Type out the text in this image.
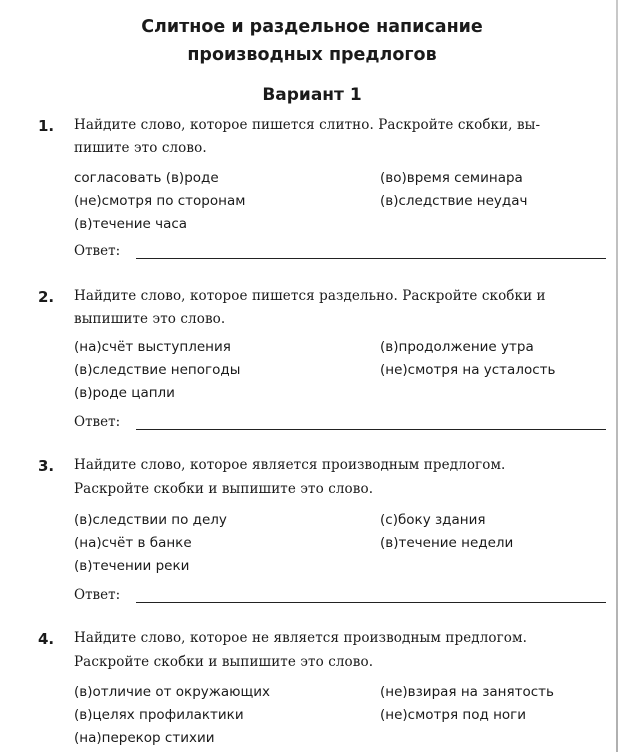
Слитное и раздельное написание
производных предлогов
Вариант 1
1. Найдите слово, которое пишется слитно. Раскройте скобки, вы-
пишите это слово.
согласовать (в)роде	(во)время семинара
(не)смотря по сторонам	(в)следствие неудач
(в)течение часа
Ответ:
2. Найдите слово, которое пишется раздельно. Раскройте скобки и
выпишите это слово.
(на)счёт выступления	(в)продолжение утра
(в)следствие непогоды	(не)смотря на усталость
(в)роде цапли
Ответ:
3. Найдите слово, которое является производным предлогом.
Раскройте скобки и выпишите это слово.
(в)следствии по делу	(с)боку здания
(на)счёт в банке	(в)течение недели
(в)течении реки
Ответ:
4. Найдите слово, которое не является производным предлогом.
Раскройте скобки и выпишите это слово.
(в)отличие от окружающих	(не)взирая на занятость
(в)целях профилактики	(не)смотря под ноги
(на)перекор стихии
